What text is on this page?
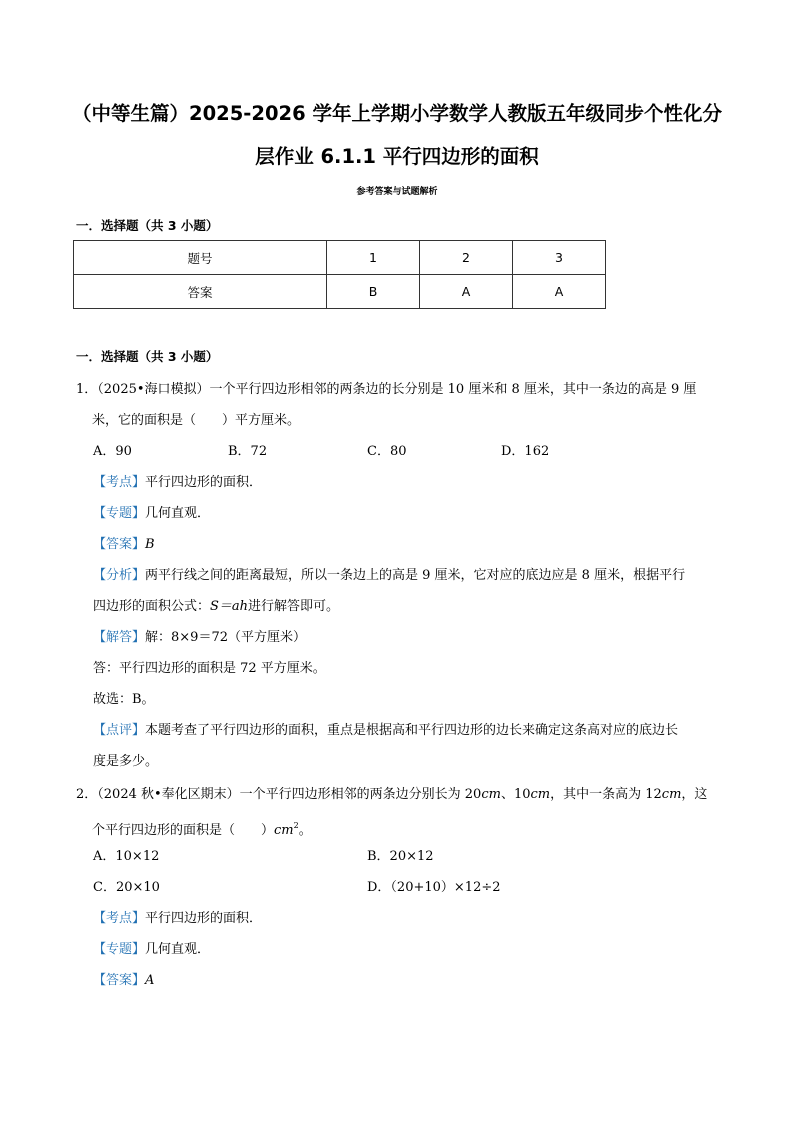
（中等生篇）2025-2026 学年上学期小学数学人教版五年级同步个性化分
层作业 6.1.1 平行四边形的面积
参考答案与试题解析
一．选择题（共 3 小题）
题号	1	2	3
答案	B	A	A
一．选择题（共 3 小题）
1．（2025•海口模拟）一个平行四边形相邻的两条边的长分别是 10 厘米和 8 厘米，其中一条边的高是 9 厘
米，它的面积是（　　）平方厘米。
A．90	B．72	C．80	D．162
【考点】平行四边形的面积．
【专题】几何直观．
【答案】B
【分析】两平行线之间的距离最短，所以一条边上的高是 9 厘米，它对应的底边应是 8 厘米，根据平行
四边形的面积公式：S＝ah进行解答即可。
【解答】解：8×9＝72（平方厘米）
答：平行四边形的面积是 72 平方厘米。
故选：B。
【点评】本题考查了平行四边形的面积，重点是根据高和平行四边形的边长来确定这条高对应的底边长
度是多少。
2．（2024 秋•奉化区期末）一个平行四边形相邻的两条边分别长为 20cm、10cm，其中一条高为 12cm，这
个平行四边形的面积是（　　）$cm^2$。
A．10×12	B．20×12
C．20×10	D．（20+10）×12÷2
【考点】平行四边形的面积．
【专题】几何直观．
【答案】A
